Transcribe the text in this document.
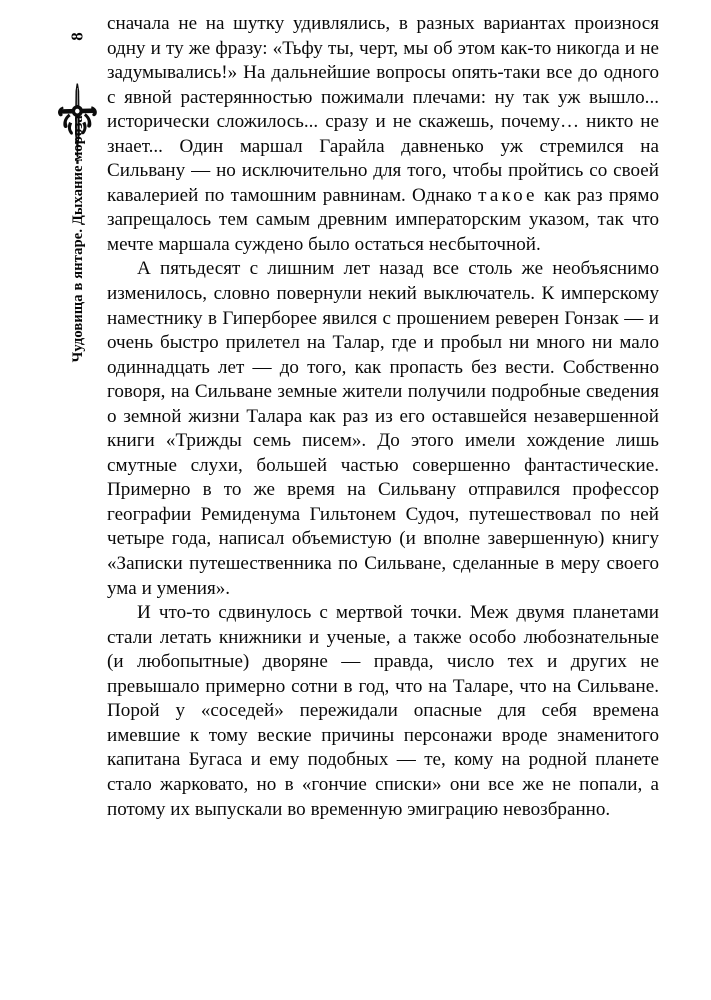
8
Чудовища в янтаре. Дыхание мороза

сначала не на шутку удивлялись, в разных вариантах произнося одну и ту же фразу: «Тьфу ты, черт, мы об этом как-то никогда и не задумывались!» На дальнейшие вопросы опять-таки все до одного с явной растерянностью пожимали плечами: ну так уж вышло... исторически сложилось... сразу и не скажешь, почему… никто не знает... Один маршал Гарайла давненько уж стремился на Сильвану — но исключительно для того, чтобы пройтись со своей кавалерией по тамошним равнинам. Однако такое как раз прямо запрещалось тем самым древним императорским указом, так что мечте маршала суждено было остаться несбыточной.

А пятьдесят с лишним лет назад все столь же необъяснимо изменилось, словно повернули некий выключатель. К имперскому наместнику в Гиперборее явился с прошением реверен Гонзак — и очень быстро прилетел на Талар, где и пробыл ни много ни мало одиннадцать лет — до того, как пропасть без вести. Собственно говоря, на Сильване земные жители получили подробные сведения о земной жизни Талара как раз из его оставшейся незавершенной книги «Трижды семь писем». До этого имели хождение лишь смутные слухи, большей частью совершенно фантастические. Примерно в то же время на Сильвану отправился профессор географии Ремиденума Гильтонем Судоч, путешествовал по ней четыре года, написал объемистую (и вполне завершенную) книгу «Записки путешественника по Сильване, сделанные в меру своего ума и умения».

И что-то сдвинулось с мертвой точки. Меж двумя планетами стали летать книжники и ученые, а также особо любознательные (и любопытные) дворяне — правда, число тех и других не превышало примерно сотни в год, что на Таларе, что на Сильване. Порой у «соседей» пережидали опасные для себя времена имевшие к тому веские причины персонажи вроде знаменитого капитана Бугаса и ему подобных — те, кому на родной планете стало жарковато, но в «гончие списки» они все же не попали, а потому их выпускали во временную эмиграцию невозбранно.
